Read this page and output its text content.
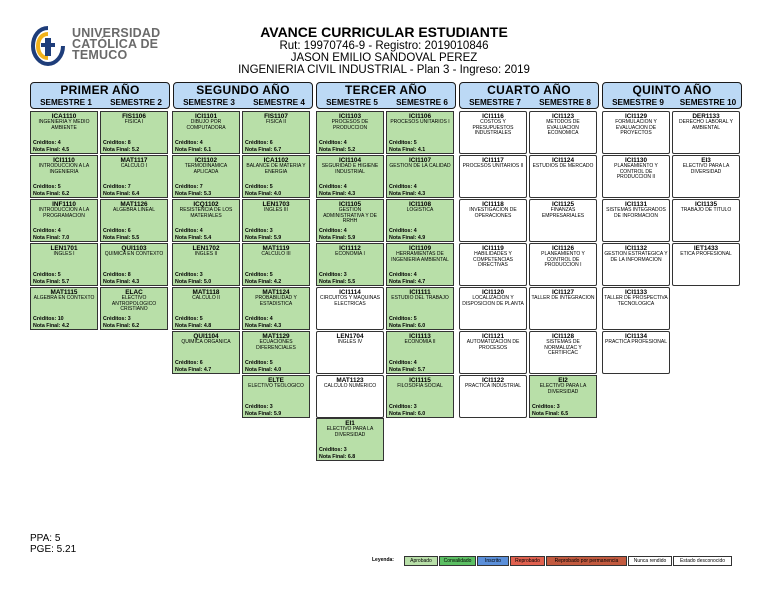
UNIVERSIDAD
CATÓLICA DE
TEMUCO
AVANCE CURRICULAR ESTUDIANTE
Rut: 19970746-9 - Registro: 2019010846
JASON EMILIO SANDOVAL PEREZ
INGENIERIA CIVIL INDUSTRIAL - Plan 3 - Ingreso: 2019
PRIMER AÑO
SEMESTRE 1	SEMESTRE 2
SEGUNDO AÑO
SEMESTRE 3	SEMESTRE 4
TERCER AÑO
SEMESTRE 5	SEMESTRE 6
CUARTO AÑO
SEMESTRE 7	SEMESTRE 8
QUINTO AÑO
SEMESTRE 9	SEMESTRE 10
ICA1110
INGENIERIA Y MEDIO AMBIENTE
Créditos: 4
Nota Final: 4.5
ICI1110
INTRODUCCION A LA INGENIERIA
Créditos: 5
Nota Final: 6.2
INF1110
INTRODUCCION A LA PROGRAMACION
Créditos: 4
Nota Final: 7.0
LEN1701
INGLES I
Créditos: 5
Nota Final: 5.7
MAT1115
ALGEBRA EN CONTEXTO
Créditos: 10
Nota Final: 4.2
FIS1106
FISICA I
Créditos: 8
Nota Final: 5.2
MAT1117
CALCULO I
Créditos: 7
Nota Final: 6.4
MAT1126
ALGEBRA LINEAL
Créditos: 6
Nota Final: 5.5
QUI1103
QUIMICA EN CONTEXTO
Créditos: 8
Nota Final: 4.3
ELAC
ELECTIVO ANTROPOLOGICO CRISTIANO
Créditos: 3
Nota Final: 6.2
ICI1101
DIBUJO POR COMPUTADORA
Créditos: 4
Nota Final: 6.1
ICI1102
TERMODINAMICA APLICADA
Créditos: 7
Nota Final: 5.3
ICQ1102
RESISTENCIA DE LOS MATERIALES
Créditos: 4
Nota Final: 5.4
LEN1702
INGLES II
Créditos: 3
Nota Final: 5.0
MAT1118
CALCULO II
Créditos: 5
Nota Final: 4.8
QUI1104
QUIMICA ORGANICA
Créditos: 6
Nota Final: 4.7
FIS1107
FISICA II
Créditos: 6
Nota Final: 6.7
ICA1102
BALANCE DE MATERIA Y ENERGIA
Créditos: 5
Nota Final: 4.0
LEN1703
INGLES III
Créditos: 3
Nota Final: 5.9
MAT1119
CALCULO III
Créditos: 5
Nota Final: 4.2
MAT1124
PROBABILIDAD Y ESTADISTICA
Créditos: 4
Nota Final: 4.3
MAT1129
ECUACIONES DIFERENCIALES
Créditos: 5
Nota Final: 4.0
ELTE
ELECTIVO TEOLOGICO
Créditos: 3
Nota Final: 5.9
ICI1103
PROCESOS DE PRODUCCION
Créditos: 4
Nota Final: 5.2
ICI1104
SEGURIDAD E HIGIENE INDUSTRIAL
Créditos: 4
Nota Final: 4.3
ICI1105
GESTION ADMINISTRATIVA Y DE RRHH
Créditos: 4
Nota Final: 5.9
ICI1112
ECONOMIA I
Créditos: 3
Nota Final: 5.5
ICI1114
CIRCUITOS Y MAQUINAS ELECTRICAS
LEN1704
INGLES IV
MAT1123
CALCULO NUMERICO
EI1
ELECTIVO PARA LA DIVERSIDAD
Créditos: 3
Nota Final: 6.8
ICI1106
PROCESOS UNITARIOS I
Créditos: 5
Nota Final: 4.1
ICI1107
GESTION DE LA CALIDAD
Créditos: 4
Nota Final: 4.3
ICI1108
LOGISTICA
Créditos: 4
Nota Final: 4.9
ICI1109
HERRAMIENTAS DE INGENIERIA AMBIENTAL
Créditos: 4
Nota Final: 4.7
ICI1111
ESTUDIO DEL TRABAJO
Créditos: 5
Nota Final: 6.0
ICI1113
ECONOMIA II
Créditos: 4
Nota Final: 5.7
ICI1115
FILOSOFIA SOCIAL
Créditos: 3
Nota Final: 6.0
ICI1116
COSTOS Y PRESUPUESTOS INDUSTRIALES
ICI1117
PROCESOS UNITARIOS II
ICI1118
INVESTIGACION DE OPERACIONES
ICI1119
HABILIDADES Y COMPETENCIAS DIRECTIVAS
ICI1120
LOCALIZACION Y DISPOSICION DE PLANTA
ICI1121
AUTOMATIZACION DE PROCESOS
ICI1122
PRACTICA INDUSTRIAL
ICI1123
METODOS DE EVALUACION ECONOMICA
ICI1124
ESTUDIOS DE MERCADO
ICI1125
FINANZAS EMPRESARIALES
ICI1126
PLANEAMIENTO Y CONTROL DE PRODUCCION I
ICI1127
TALLER DE INTEGRACION
ICI1128
SISTEMAS DE NORMALIZAC Y CERTIFICAC
EI2
ELECTIVO PARA LA DIVERSIDAD
Créditos: 3
Nota Final: 6.5
ICI1129
FORMULACION Y EVALUACION DE PROYECTOS
ICI1130
PLANEAMIENTO Y CONTROL DE PRODUCCION II
ICI1131
SISTEMAS INTEGRADOS DE INFORMACION
ICI1132
GESTION ESTRATEGICA Y DE LA INFORMACION
ICI1133
TALLER DE PROSPECTIVA TECNOLOGICA
ICI1134
PRACTICA PROFESIONAL
DER1133
DERECHO LABORAL Y AMBIENTAL
EI3
ELECTIVO PARA LA DIVERSIDAD
ICI1135
TRABAJO DE TITULO
IET1433
ETICA PROFESIONAL
PPA: 5
PGE: 5.21
Leyenda:	Aprobado	Convalidado	Inscrito	Reprobado	Reprobado por permanencia	Nunca rendido	Estado desconocido
